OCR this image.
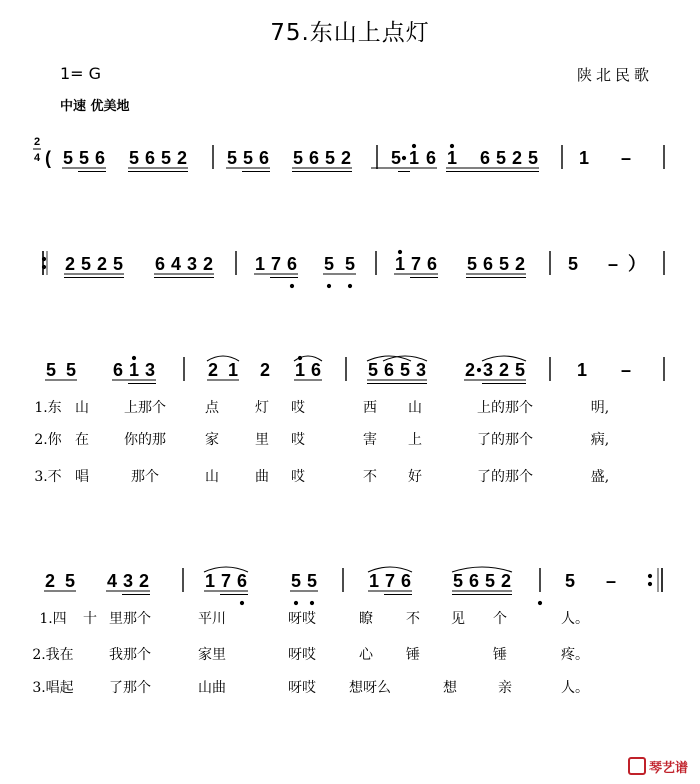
75.东山上点灯
1= G	陕北民歌
中速 优美地
2
4 ( 5 5 6 5 6 5 2 5 5 6 5 6 5 2 5 1 6 1 6 5 2 5 1 –
2 5 2 5 6 4 3 2 1 7 6 5 5 1 7 6 5 6 5 2 5 – ）
5 5 6 1 3	2 1 2 1 6	5 6 5 3 2 3 2 5	1 –
2 5 4 3 2	1 7 6 5 5	1 7 6 5 6 5 2	5 –
1.东 山	上那个	点	灯 哎	西 山	上的那个	明,
2.你 在	你的那	家	里 哎	害 上	了的那个	病,
3.不 唱	那个	山	曲 哎	不 好	了的那个	盛,
1.四 十 里那个	平川	呀哎	瞭 不 见 个	人。
2.我在	我那个	家里	呀哎	心 锤	锤	疼。
3.唱起	了那个	山曲	呀哎 想呀么	想	亲	人。
琴艺谱
